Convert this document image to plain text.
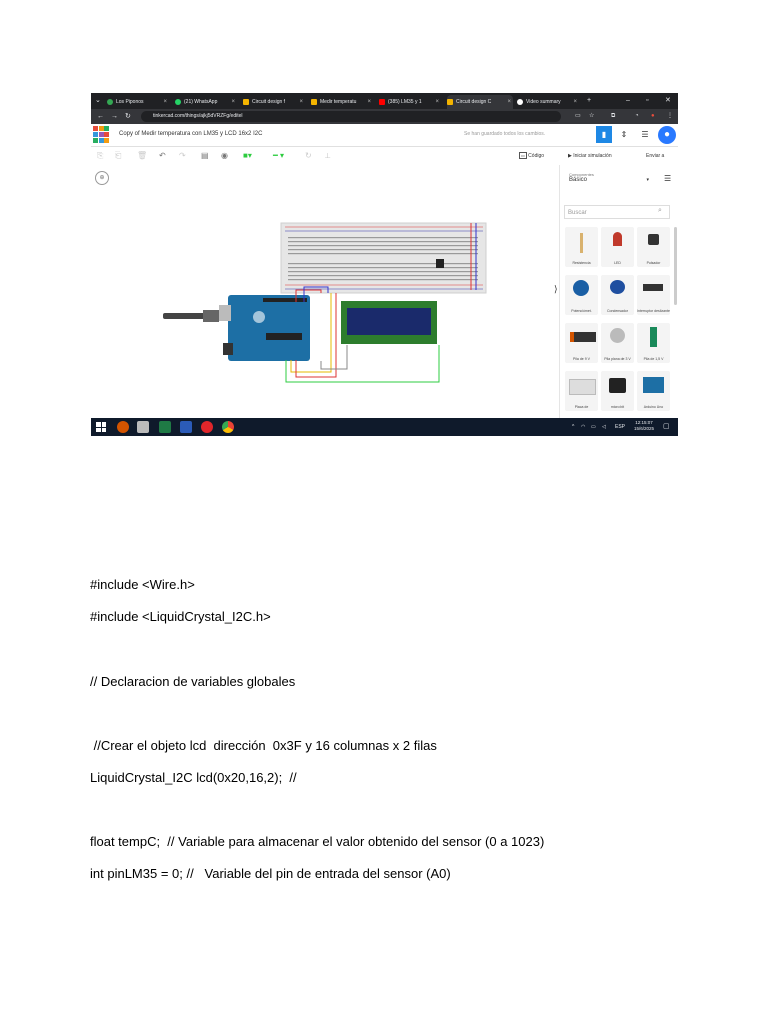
⌄	Los Piponos	×	(21) WhatsApp ×	Circuit design f ×	Medir temperatu ×	(385) LM35 y 1 ×	Circuit design C	×	Video summary × +	– ▫ ✕
← → ↻	tinkercad.com/things/ajkj5dVRZFg/editel	▭ ☆	⧉	◔ ● ⋮
Copy of Medir temperatura con LM35 y LCD 16x2 I2C	Se han guardado todos los cambios.	▮	⇕	☰	●
⎘ ⎗ 🗑 ↶ ↷ ▤ ◉ ■▾	━ ▾	↻ ⟂	▭ Código	▶ Iniciar simulación	Enviar a
⊕
⟩
Componentes
Básico	▾ ☰
Buscar	⌕
Resistencia	LED	Pulsador
Potenciómet.	Condensador	Interruptor deslizante
Pila de 9 V	Pila plana de 3 V	Pila de 1,5 V
Placa de	micro:bit	Arduino Uno
^ ◠ ▭ ◁ ESP
12:15:07
15/6/2025	▢
#include <Wire.h>
#include <LiquidCrystal_I2C.h>
// Declaracion de variables globales
//Crear el objeto lcd  dirección  0x3F y 16 columnas x 2 filas
LiquidCrystal_I2C lcd(0x20,16,2);  //
float tempC;  // Variable para almacenar el valor obtenido del sensor (0 a 1023)
int pinLM35 = 0; //   Variable del pin de entrada del sensor (A0)
